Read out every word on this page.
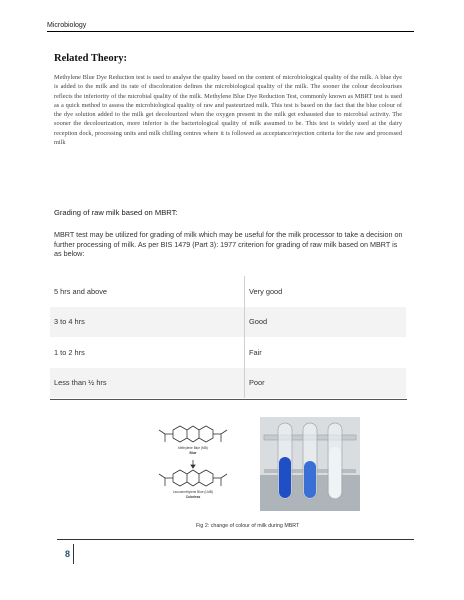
Microbiology
Related Theory:

Methylene Blue Dye Reduction test is used to analyse the quality based on the content of microbiological quality of the milk. A blue dye is added to the milk and its rate of discoloration defines the microbiological quality of the milk. The sooner the colour decolourises reflects the inferiority of the microbial quality of the milk. Methylene Blue Dye Reduction Test, commonly known as MBRT test is used as a quick method to assess the microbiological quality of raw and pasteurized milk. This test is based on the fact that the blue colour of the dye solution added to the milk get decolourized when the oxygen present in the milk get exhausted due to microbial activity. The sooner the decolourization, more inferior is the bacteriological quality of milk assumed to be. This test is widely used at the dairy reception dock, processing units and milk chilling centres where it is followed as acceptance/rejection criteria for the raw and processed milk

Grading of raw milk based on MBRT:

MBRT test may be utilized for grading of milk which may be useful for the milk processor to take a decision on further processing of milk. As per BIS 1479 (Part 3): 1977 criterion for grading of raw milk based on MBRT is as below:

5 hrs and above	Very good
3 to 4 hrs	Good
1 to 2 hrs	Fair
Less than ½ hrs	Poor
Methylene Blue (MB)
Blue
Leucomethylene Blue (LMB)
Colorless
Fig 2: change of colour of milk during MBRT
8
